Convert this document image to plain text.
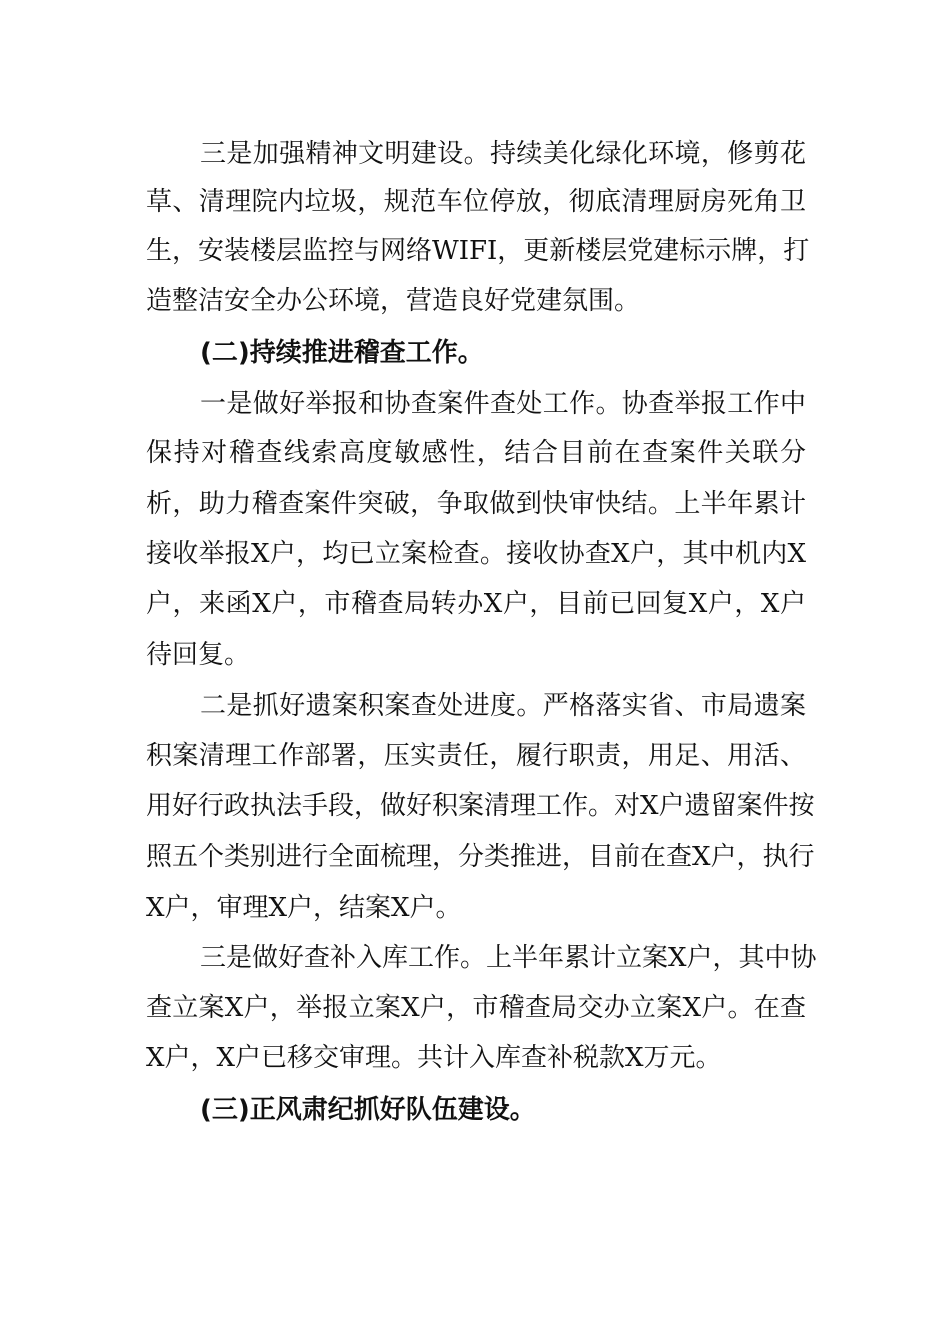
三是加强精神文明建设。持续美化绿化环境，修剪花
草、清理院内垃圾，规范车位停放，彻底清理厨房死角卫
生，安装楼层监控与网络WIFI，更新楼层党建标示牌，打
造整洁安全办公环境，营造良好党建氛围。
(二)持续推进稽查工作。
一是做好举报和协查案件查处工作。协查举报工作中
保持对稽查线索高度敏感性，结合目前在查案件关联分
析，助力稽查案件突破，争取做到快审快结。上半年累计
接收举报X户，均已立案检查。接收协查X户，其中机内X
户，来函X户，市稽查局转办X户，目前已回复X户，X户
待回复。
二是抓好遗案积案查处进度。严格落实省、市局遗案
积案清理工作部署，压实责任，履行职责，用足、用活、
用好行政执法手段，做好积案清理工作。对X户遗留案件按
照五个类别进行全面梳理，分类推进，目前在查X户，执行
X户，审理X户，结案X户。
三是做好查补入库工作。上半年累计立案X户，其中协
查立案X户，举报立案X户，市稽查局交办立案X户。在查
X户，X户已移交审理。共计入库查补税款X万元。
(三)正风肃纪抓好队伍建设。
